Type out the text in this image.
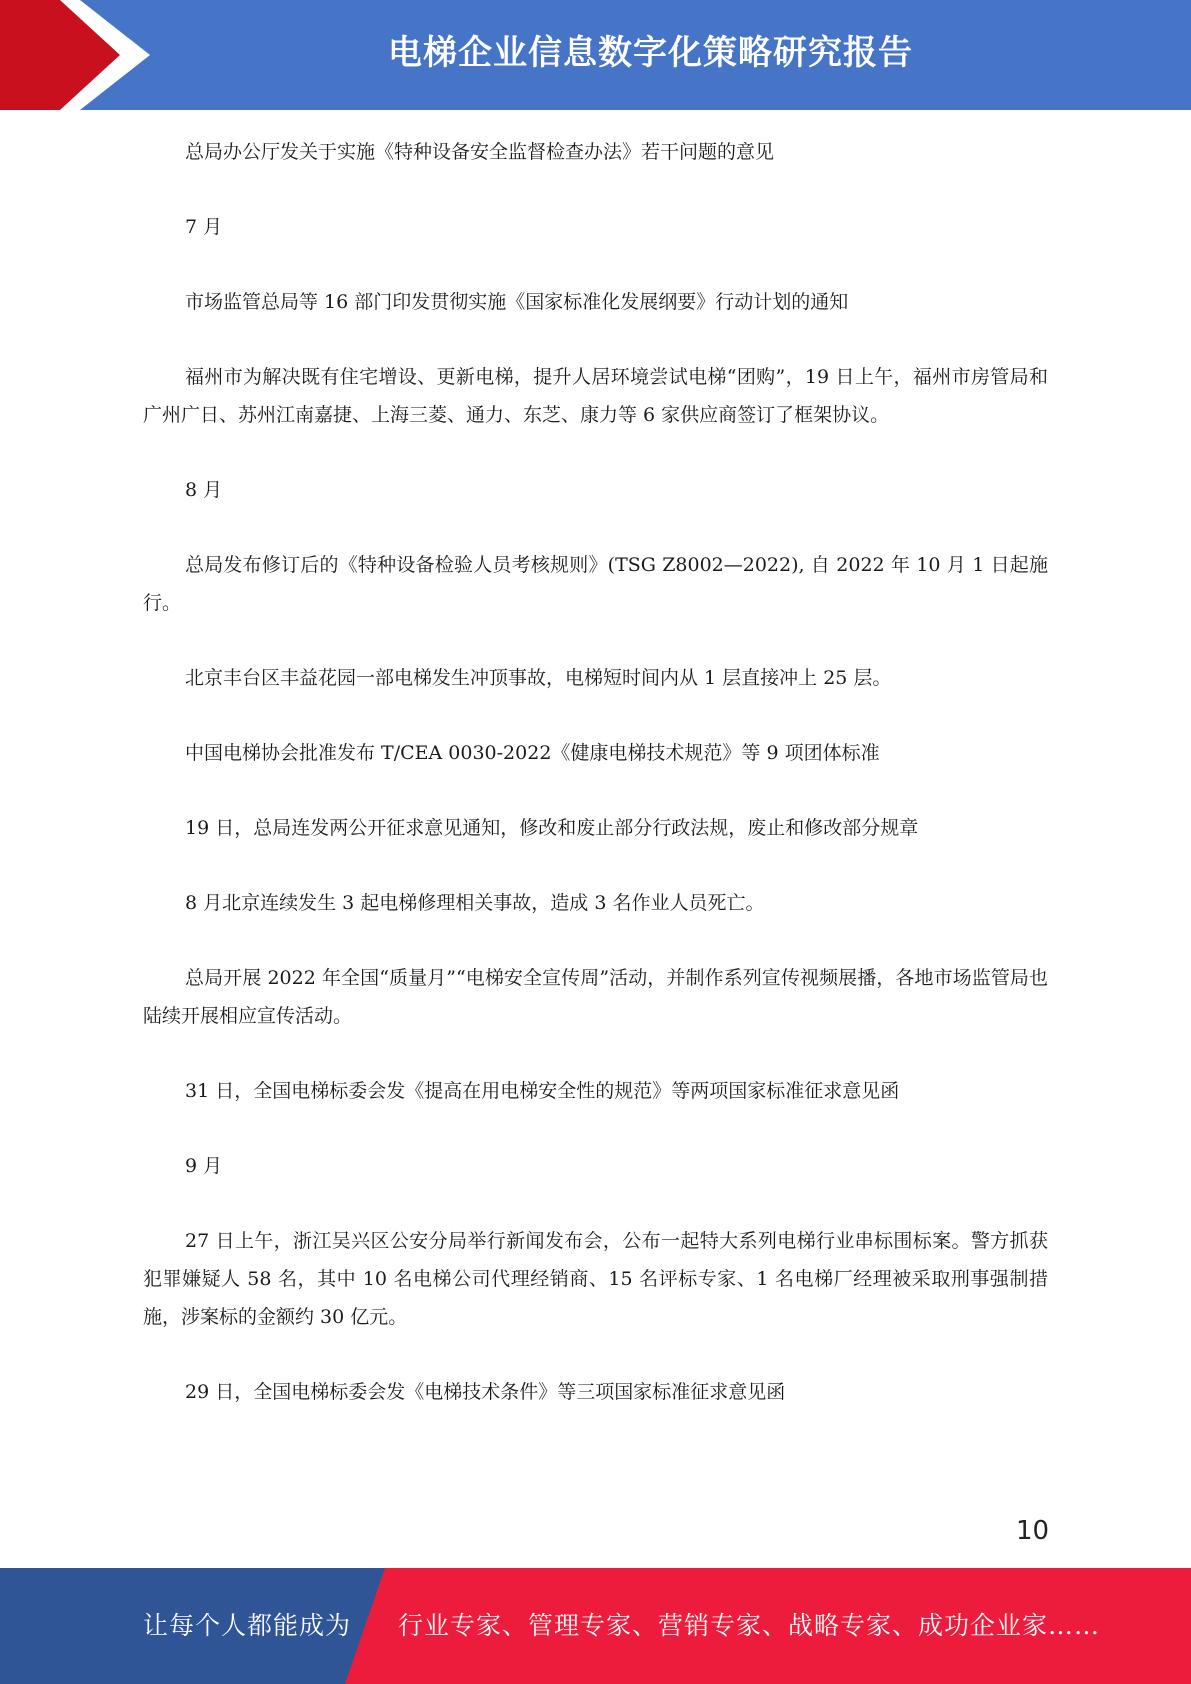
电梯企业信息数字化策略研究报告

总局办公厅发关于实施《特种设备安全监督检查办法》若干问题的意见

7 月

市场监管总局等 16 部门印发贯彻实施《国家标准化发展纲要》行动计划的通知

福州市为解决既有住宅增设、更新电梯，提升人居环境尝试电梯“团购”，19 日上午，福州市房管局和广州广日、苏州江南嘉捷、上海三菱、通力、东芝、康力等 6 家供应商签订了框架协议。

8 月

总局发布修订后的《特种设备检验人员考核规则》(TSG Z8002—2022), 自 2022 年 10 月 1 日起施行。

北京丰台区丰益花园一部电梯发生冲顶事故，电梯短时间内从 1 层直接冲上 25 层。

中国电梯协会批准发布 T/CEA 0030-2022《健康电梯技术规范》等 9 项团体标准

19 日，总局连发两公开征求意见通知，修改和废止部分行政法规，废止和修改部分规章

8 月北京连续发生 3 起电梯修理相关事故，造成 3 名作业人员死亡。

总局开展 2022 年全国“质量月”“电梯安全宣传周”活动，并制作系列宣传视频展播，各地市场监管局也陆续开展相应宣传活动。

31 日，全国电梯标委会发《提高在用电梯安全性的规范》等两项国家标准征求意见函

9 月

27 日上午，浙江吴兴区公安分局举行新闻发布会，公布一起特大系列电梯行业串标围标案。警方抓获犯罪嫌疑人 58 名，其中 10 名电梯公司代理经销商、15 名评标专家、1 名电梯厂经理被采取刑事强制措施，涉案标的金额约 30 亿元。

29 日，全国电梯标委会发《电梯技术条件》等三项国家标准征求意见函

10
让每个人都能成为 行业专家、管理专家、营销专家、战略专家、成功企业家……
